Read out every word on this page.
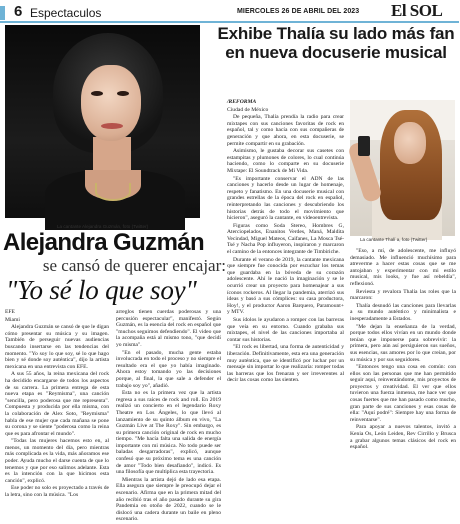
6 Espectaculos	MIERCOLES 26 DE ABRIL DEL 2023	El SOL
La cantante Alejandra Guzmán, foto (Twitter)
Exhibe Thalía su lado más fan en nueva docuserie musical

/REFORMA

Ciudad de México

De pequeña, Thalía prendía la radio para crear mixtapes con sus canciones favoritas de rock en español, tal y como hacía con sus compañeras de generación y que ahora, en esta docuserie, se permite compartir en su grabación.

Asimismo, le gustaba decorar sus casetes con estampitas y plumones de colores, lo cual continúa haciendo, como lo comparte en su docuserie Mixtape: El Soundtrack de Mi Vida.

"Es importante conservar el ADN de las canciones y hacerlo desde un lugar de homenaje, respeto y fanatismo. En una docuserie musical con grandes estrellas de la época del rock en español, reinterpretando las canciones y descubriendo los historias detrás de todo el movimiento que hicieron", aseguró la cantante, en videoentrevista.

Figuras como Soda Stereo, Hombres G, Aterciopelados, Enanitos Verdes, Maná, Maldita Vecindad, Miguel Mateos, Caifanes, La Mosca Tsé-Tsé y Nacha Pop influyeron, inspiraron y marcaron el camino de la entonces integrante de Timbiriche.

Durante el verano de 2019, la cantante mexicana que siempre fue conocida por escuchar los temas que guardaba en la bóveda de su corazón adolescente. Ahí le nació la imaginación y se le ocurrió crear un proyecto para homenajear a sus íconos rockeros. Al llegar la pandemia, aterrizó sus ideas y basó a sus cómplices: su casa productora, Hoy!, y el productor Aaron Barquero, Paramount+ y MTV.

Sus ídolos le ayudaron a romper con las barreras que veía en su entorno. Cuando grababa sus mixtapes, el nivel de las canciones importaba al contar sus historias.

"El rock es libertad, una forma de autenticidad y liberación. Definitivamente, esta era una generación muy auténtica, que se identificó por luchar por un mensaje sin importar lo que realizaría: romper todas las barreras que los frenaran y ser irreverentes al decir las cosas como las sienten.

La cantante Thalí a, foto (Twitter)

"Eso, a mí, de adolescente, me influyó demasiado. Me influenció muchísimo para atreverme a hacer estas cosas que se me antojaban y experimentar con mi estilo musical, mis looks, y fue así rebeldía", reflexionó.

Reviesta y revalora Thalía las roles que la marcaron:

Thalía desnudó las canciones para llevarlas a su mundo auténtico y minimalista e inesperadamente a Estados.

"Me dejan la enseñanza de la verdad, porque todos ellos vivían en un mundo donde tenían que imponerse para sobrevivir: la primera, pero aún así persiguieron sus sueños, sus esencias, sus amores por lo que creían, por su música y por sus seguidores.

"Entonces tengo una cosa en común: con ellos son las personas que me han permitido seguir aquí, reinventándome, mis proyectos de proyectos y creatividad. El ver que ellos tuvieron una fuerza inmensa, me hace ver que cosas fuertes que me han pasado como mucho, gran parte de sus canciones y esas cosas de ella: "Aquí podré": Siempre hay una forma de reinventarse".

Para apoyar a nuevos talentos, invitó a Kenia Os, León Leiden, Rev Cirrillo y Brusca a grabar algunos temas clásicos del rock en español.

Alejandra Guzmán
se cansó de querer encajar:
"Yo sé lo que soy"

EFE

Miami

Alejandra Guzmán se cansó de que le digan cómo presentar su música y su imagen. También de perseguir nuevas audiencias buscando insertarse en las tendencias del momento. "Yo soy lo que soy, sé lo que hago bien y sé donde soy auténtica", dijo la artista mexicana en una entrevista con EFE.

A sus 55 años, la reina mexicana del rock ha decidido encargarse de todos los aspectos de su carrera. La primera entrega de esta nueva etapa es "Reymisma", una canción "sencilla, pero poderosa que me representa". Compuesta y producida por ella misma, con la colaboración de Alex Soto, "Reymisma" habla de ese mujer que cada mañana se pone su corona y se siente "poderosa como la reina que es para afrontar el mundo".

"Todas las mujeres hacemos esto en, al menos, un momento del día, pero mientras más complicada es la vida, más añoramos ese poder. Ayuda mucho el darse cuenta de que lo tenemos y que por eso salimos adelante. Esta es la intención con la que hicimos esta canción", explicó.

Ese poder no solo es proyectado a través de la letra, sino con la música. "Los

arreglos tienen cuerdas poderosas y una percusión espectacular", manifestó. Según Guzmán, es la esencia del rock en español que "muchos seguimos defendiendo". El video que la acompaña está al mismo tono, "que decidí yo misma".

"En el pasado, mucha gente estaba involucrada en todo el proceso y no siempre el resultado era el que yo había imaginado. Ahora estoy tomando yo las decisiones porque, al final, la que sale a defender el trabajo soy yo", añadió.

Esta no es la primera vez que la artista regresa a sus raíces de rock and roll. En 2019 realizó un concierto en el legendario Roxy Theatre en Los Ángeles, lo que llevó al lanzamiento de su quinto álbum en vivo, "La Guzmán Live at The Roxy". Sin embargo, es su primera canción original de rock en mucho tiempo. "Me hacía falta una salida de energía importante con mi música. No todo puede ser baladas desgarradoras", explicó, aunque confesó que su próximo tema es una canción de amor "Todo bien desafiando", indicó. Es una filosofía que multiplica esta trayectoria.

Mientras la artista dejó de lado esa etapa. Ella asegura que siempre le preocupó dejar el escenario. Afirma que en la primera mitad del año recibió tras el año pasado durante su gira Pandemia en otoño de 2022, cuando se le dislocó una cadera durante un baile en pleno escenario.
